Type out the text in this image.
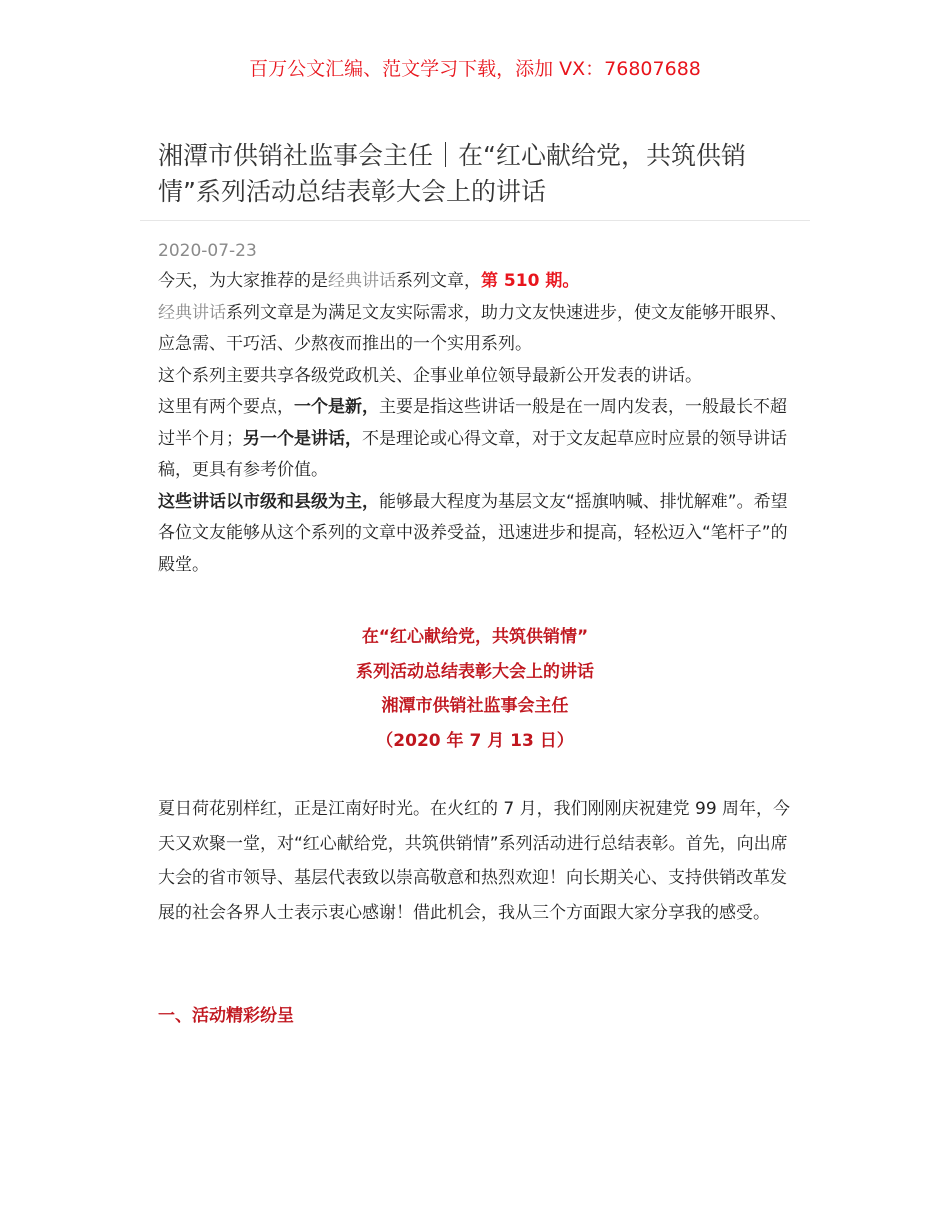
百万公文汇编、范文学习下载，添加 VX：76807688
湘潭市供销社监事会主任｜在“红心献给党，共筑供销情”系列活动总结表彰大会上的讲话
2020-07-23

今天，为大家推荐的是经典讲话系列文章，第 510 期。

经典讲话系列文章是为满足文友实际需求，助力文友快速进步，使文友能够开眼界、应急需、干巧活、少熬夜而推出的一个实用系列。

这个系列主要共享各级党政机关、企事业单位领导最新公开发表的讲话。

这里有两个要点，一个是新，主要是指这些讲话一般是在一周内发表，一般最长不超过半个月；另一个是讲话，不是理论或心得文章，对于文友起草应时应景的领导讲话稿，更具有参考价值。

这些讲话以市级和县级为主，能够最大程度为基层文友“摇旗呐喊、排忧解难”。希望各位文友能够从这个系列的文章中汲养受益，迅速进步和提高，轻松迈入“笔杆子”的殿堂。

在“红心献给党，共筑供销情”
系列活动总结表彰大会上的讲话
湘潭市供销社监事会主任
（2020 年 7 月 13 日）

夏日荷花别样红，正是江南好时光。在火红的 7 月，我们刚刚庆祝建党 99 周年，今天又欢聚一堂，对“红心献给党，共筑供销情”系列活动进行总结表彰。首先，向出席大会的省市领导、基层代表致以崇高敬意和热烈欢迎！向长期关心、支持供销改革发展的社会各界人士表示衷心感谢！借此机会，我从三个方面跟大家分享我的感受。

一、活动精彩纷呈
